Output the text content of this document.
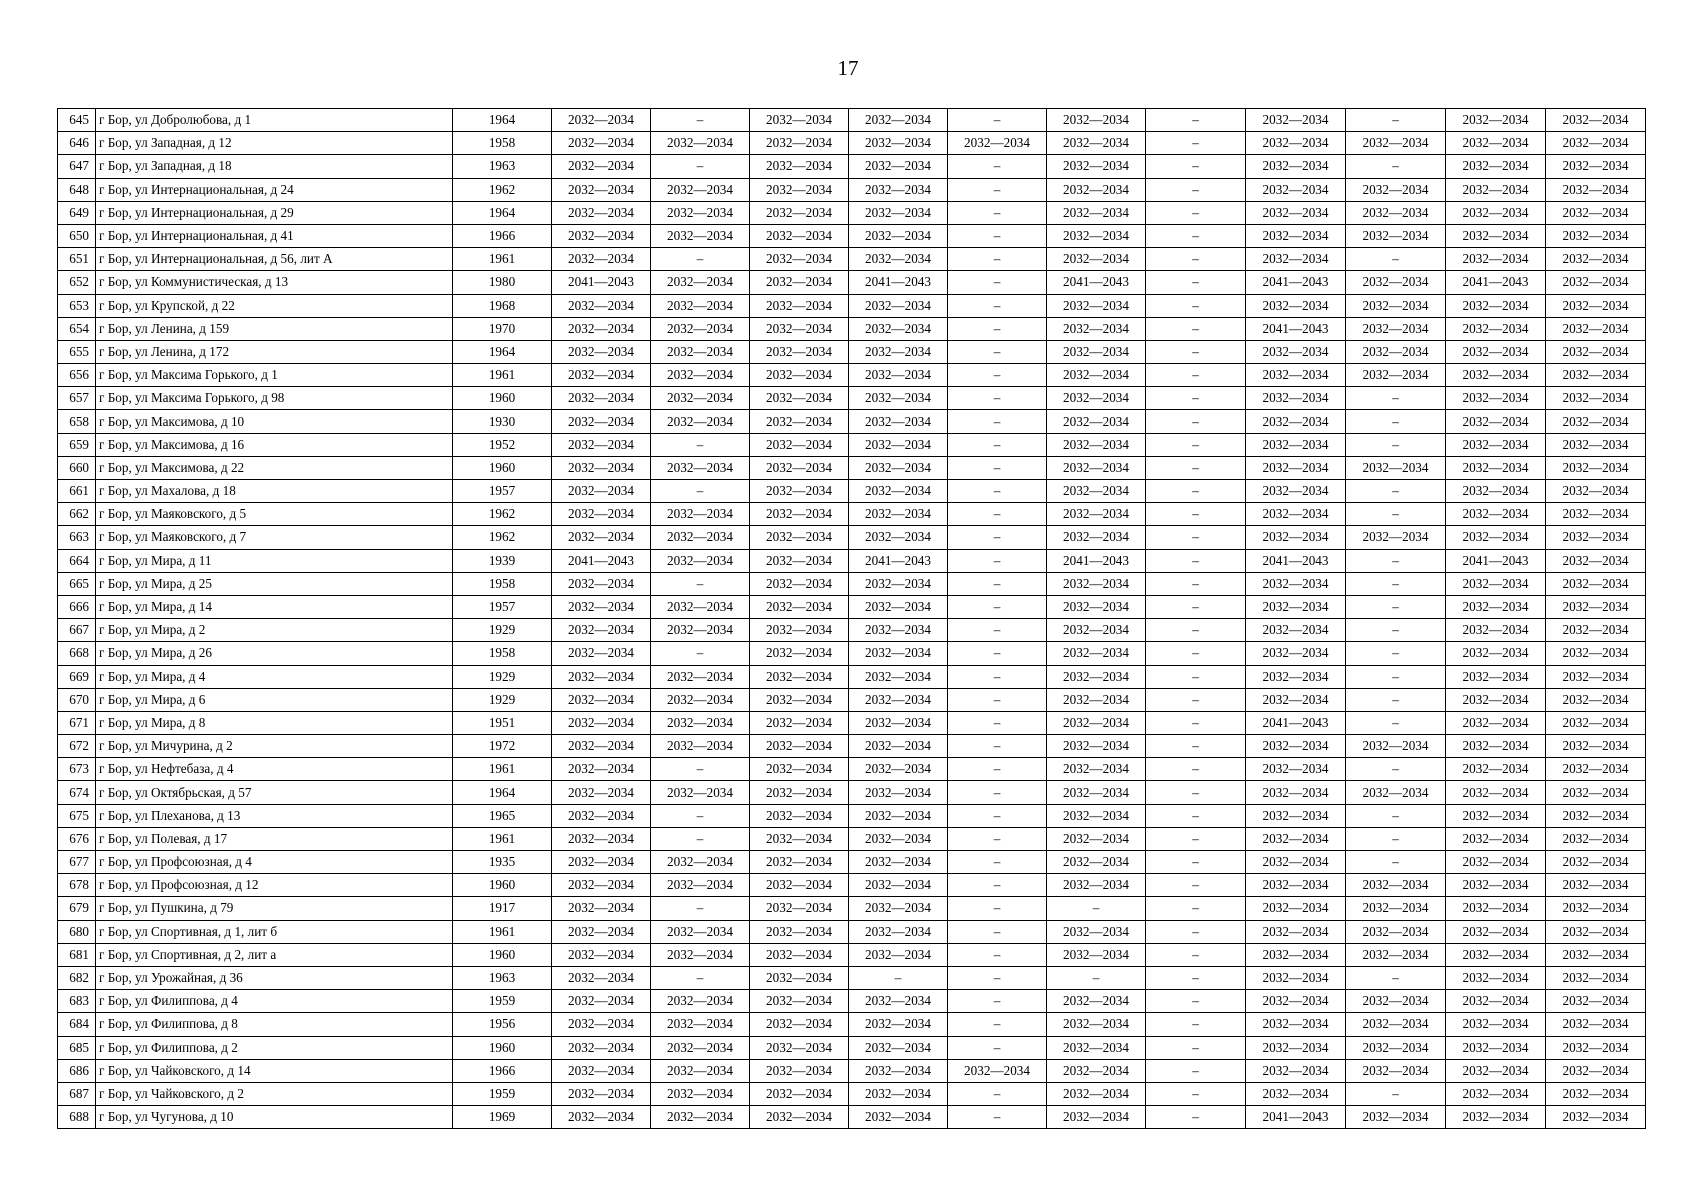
17
645	г Бор, ул Добролюбова, д 1	1964	2032—2034	–	2032—2034	2032—2034	–	2032—2034	–	2032—2034	–	2032—2034	2032—2034
646	г Бор, ул Западная, д 12	1958	2032—2034	2032—2034	2032—2034	2032—2034	2032—2034	2032—2034	–	2032—2034	2032—2034	2032—2034	2032—2034
647	г Бор, ул Западная, д 18	1963	2032—2034	–	2032—2034	2032—2034	–	2032—2034	–	2032—2034	–	2032—2034	2032—2034
648	г Бор, ул Интернациональная, д 24	1962	2032—2034	2032—2034	2032—2034	2032—2034	–	2032—2034	–	2032—2034	2032—2034	2032—2034	2032—2034
649	г Бор, ул Интернациональная, д 29	1964	2032—2034	2032—2034	2032—2034	2032—2034	–	2032—2034	–	2032—2034	2032—2034	2032—2034	2032—2034
650	г Бор, ул Интернациональная, д 41	1966	2032—2034	2032—2034	2032—2034	2032—2034	–	2032—2034	–	2032—2034	2032—2034	2032—2034	2032—2034
651	г Бор, ул Интернациональная, д 56, лит А	1961	2032—2034	–	2032—2034	2032—2034	–	2032—2034	–	2032—2034	–	2032—2034	2032—2034
652	г Бор, ул Коммунистическая, д 13	1980	2041—2043	2032—2034	2032—2034	2041—2043	–	2041—2043	–	2041—2043	2032—2034	2041—2043	2032—2034
653	г Бор, ул Крупской, д 22	1968	2032—2034	2032—2034	2032—2034	2032—2034	–	2032—2034	–	2032—2034	2032—2034	2032—2034	2032—2034
654	г Бор, ул Ленина, д 159	1970	2032—2034	2032—2034	2032—2034	2032—2034	–	2032—2034	–	2041—2043	2032—2034	2032—2034	2032—2034
655	г Бор, ул Ленина, д 172	1964	2032—2034	2032—2034	2032—2034	2032—2034	–	2032—2034	–	2032—2034	2032—2034	2032—2034	2032—2034
656	г Бор, ул Максима Горького, д 1	1961	2032—2034	2032—2034	2032—2034	2032—2034	–	2032—2034	–	2032—2034	2032—2034	2032—2034	2032—2034
657	г Бор, ул Максима Горького, д 98	1960	2032—2034	2032—2034	2032—2034	2032—2034	–	2032—2034	–	2032—2034	–	2032—2034	2032—2034
658	г Бор, ул Максимова, д 10	1930	2032—2034	2032—2034	2032—2034	2032—2034	–	2032—2034	–	2032—2034	–	2032—2034	2032—2034
659	г Бор, ул Максимова, д 16	1952	2032—2034	–	2032—2034	2032—2034	–	2032—2034	–	2032—2034	–	2032—2034	2032—2034
660	г Бор, ул Максимова, д 22	1960	2032—2034	2032—2034	2032—2034	2032—2034	–	2032—2034	–	2032—2034	2032—2034	2032—2034	2032—2034
661	г Бор, ул Махалова, д 18	1957	2032—2034	–	2032—2034	2032—2034	–	2032—2034	–	2032—2034	–	2032—2034	2032—2034
662	г Бор, ул Маяковского, д 5	1962	2032—2034	2032—2034	2032—2034	2032—2034	–	2032—2034	–	2032—2034	–	2032—2034	2032—2034
663	г Бор, ул Маяковского, д 7	1962	2032—2034	2032—2034	2032—2034	2032—2034	–	2032—2034	–	2032—2034	2032—2034	2032—2034	2032—2034
664	г Бор, ул Мира, д 11	1939	2041—2043	2032—2034	2032—2034	2041—2043	–	2041—2043	–	2041—2043	–	2041—2043	2032—2034
665	г Бор, ул Мира, д 25	1958	2032—2034	–	2032—2034	2032—2034	–	2032—2034	–	2032—2034	–	2032—2034	2032—2034
666	г Бор, ул Мира, д 14	1957	2032—2034	2032—2034	2032—2034	2032—2034	–	2032—2034	–	2032—2034	–	2032—2034	2032—2034
667	г Бор, ул Мира, д 2	1929	2032—2034	2032—2034	2032—2034	2032—2034	–	2032—2034	–	2032—2034	–	2032—2034	2032—2034
668	г Бор, ул Мира, д 26	1958	2032—2034	–	2032—2034	2032—2034	–	2032—2034	–	2032—2034	–	2032—2034	2032—2034
669	г Бор, ул Мира, д 4	1929	2032—2034	2032—2034	2032—2034	2032—2034	–	2032—2034	–	2032—2034	–	2032—2034	2032—2034
670	г Бор, ул Мира, д 6	1929	2032—2034	2032—2034	2032—2034	2032—2034	–	2032—2034	–	2032—2034	–	2032—2034	2032—2034
671	г Бор, ул Мира, д 8	1951	2032—2034	2032—2034	2032—2034	2032—2034	–	2032—2034	–	2041—2043	–	2032—2034	2032—2034
672	г Бор, ул Мичурина, д 2	1972	2032—2034	2032—2034	2032—2034	2032—2034	–	2032—2034	–	2032—2034	2032—2034	2032—2034	2032—2034
673	г Бор, ул Нефтебаза, д 4	1961	2032—2034	–	2032—2034	2032—2034	–	2032—2034	–	2032—2034	–	2032—2034	2032—2034
674	г Бор, ул Октябрьская, д 57	1964	2032—2034	2032—2034	2032—2034	2032—2034	–	2032—2034	–	2032—2034	2032—2034	2032—2034	2032—2034
675	г Бор, ул Плеханова, д 13	1965	2032—2034	–	2032—2034	2032—2034	–	2032—2034	–	2032—2034	–	2032—2034	2032—2034
676	г Бор, ул Полевая, д 17	1961	2032—2034	–	2032—2034	2032—2034	–	2032—2034	–	2032—2034	–	2032—2034	2032—2034
677	г Бор, ул Профсоюзная, д 4	1935	2032—2034	2032—2034	2032—2034	2032—2034	–	2032—2034	–	2032—2034	–	2032—2034	2032—2034
678	г Бор, ул Профсоюзная, д 12	1960	2032—2034	2032—2034	2032—2034	2032—2034	–	2032—2034	–	2032—2034	2032—2034	2032—2034	2032—2034
679	г Бор, ул Пушкина, д 79	1917	2032—2034	–	2032—2034	2032—2034	–	–	–	2032—2034	2032—2034	2032—2034	2032—2034
680	г Бор, ул Спортивная, д 1, лит б	1961	2032—2034	2032—2034	2032—2034	2032—2034	–	2032—2034	–	2032—2034	2032—2034	2032—2034	2032—2034
681	г Бор, ул Спортивная, д 2, лит а	1960	2032—2034	2032—2034	2032—2034	2032—2034	–	2032—2034	–	2032—2034	2032—2034	2032—2034	2032—2034
682	г Бор, ул Урожайная, д 36	1963	2032—2034	–	2032—2034	–	–	–	–	2032—2034	–	2032—2034	2032—2034
683	г Бор, ул Филиппова, д 4	1959	2032—2034	2032—2034	2032—2034	2032—2034	–	2032—2034	–	2032—2034	2032—2034	2032—2034	2032—2034
684	г Бор, ул Филиппова, д 8	1956	2032—2034	2032—2034	2032—2034	2032—2034	–	2032—2034	–	2032—2034	2032—2034	2032—2034	2032—2034
685	г Бор, ул Филиппова, д 2	1960	2032—2034	2032—2034	2032—2034	2032—2034	–	2032—2034	–	2032—2034	2032—2034	2032—2034	2032—2034
686	г Бор, ул Чайковского, д 14	1966	2032—2034	2032—2034	2032—2034	2032—2034	2032—2034	2032—2034	–	2032—2034	2032—2034	2032—2034	2032—2034
687	г Бор, ул Чайковского, д 2	1959	2032—2034	2032—2034	2032—2034	2032—2034	–	2032—2034	–	2032—2034	–	2032—2034	2032—2034
688	г Бор, ул Чугунова, д 10	1969	2032—2034	2032—2034	2032—2034	2032—2034	–	2032—2034	–	2041—2043	2032—2034	2032—2034	2032—2034
